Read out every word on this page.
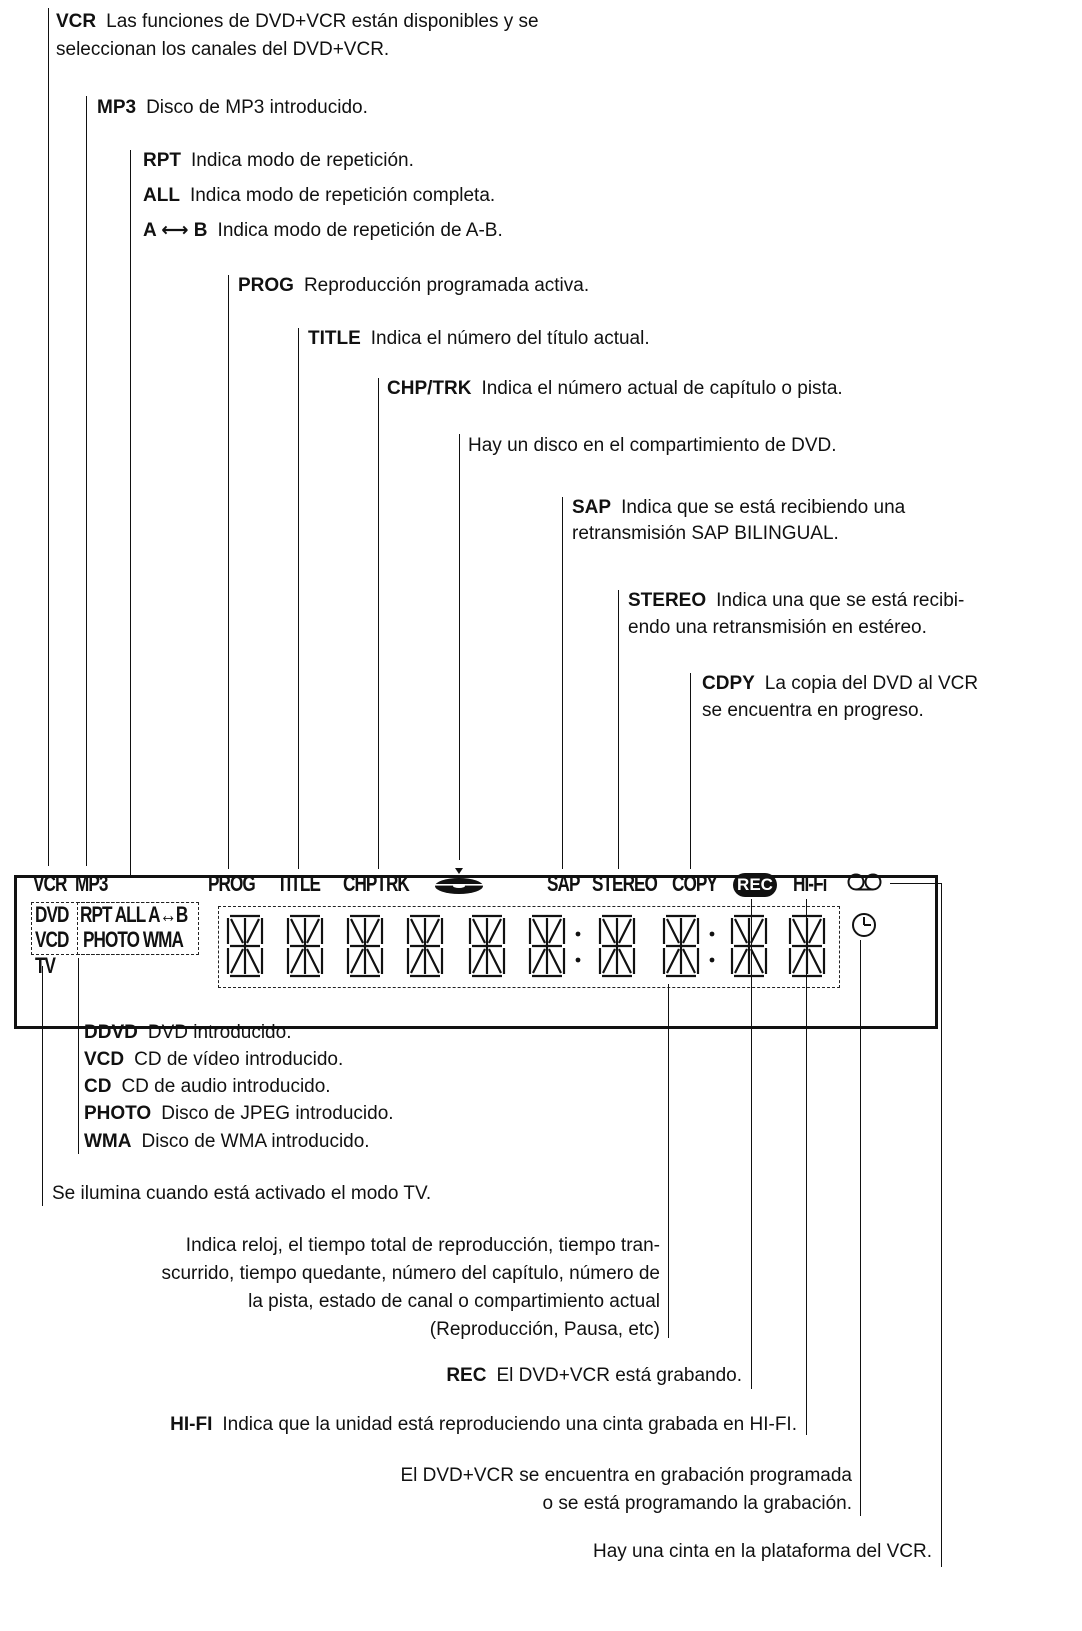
VCR Las funciones de DVD+VCR están disponibles y se
seleccionan los canales del DVD+VCR.
MP3 Disco de MP3 introducido.
RPT Indica modo de repetición.
ALL Indica modo de repetición completa.
A ⟷ B Indica modo de repetición de A-B.
PROG Reproducción programada activa.
TITLE Indica el número del título actual.
CHP/TRK Indica el número actual de capítulo o pista.
Hay un disco en el compartimiento de DVD.
SAP Indica que se está recibiendo una
retransmisión SAP BILINGUAL.
STEREO Indica una que se está recibi-
endo una retransmisión en estéreo.
CDPY La copia del DVD al VCR
se encuentra en progreso.
VCR MP3	PROG TITLE CHPTRK	SAP STEREO COPY REC HI-Fi
DVD RPT ALL A↔B
VCD PHOTO WMA
TV
DDVD DVD introducido.
VCD CD de vídeo introducido.
CD CD de audio introducido.
PHOTO Disco de JPEG introducido.
WMA Disco de WMA introducido.
Se ilumina cuando está activado el modo TV.
Indica reloj, el tiempo total de reproducción, tiempo tran-
scurrido, tiempo quedante, número del capítulo, número de
la pista, estado de canal o compartimiento actual
(Reproducción, Pausa, etc)
REC El DVD+VCR está grabando.
HI-FI Indica que la unidad está reproduciendo una cinta grabada en HI-FI.
El DVD+VCR se encuentra en grabación programada
o se está programando la grabación.
Hay una cinta en la plataforma del VCR.
